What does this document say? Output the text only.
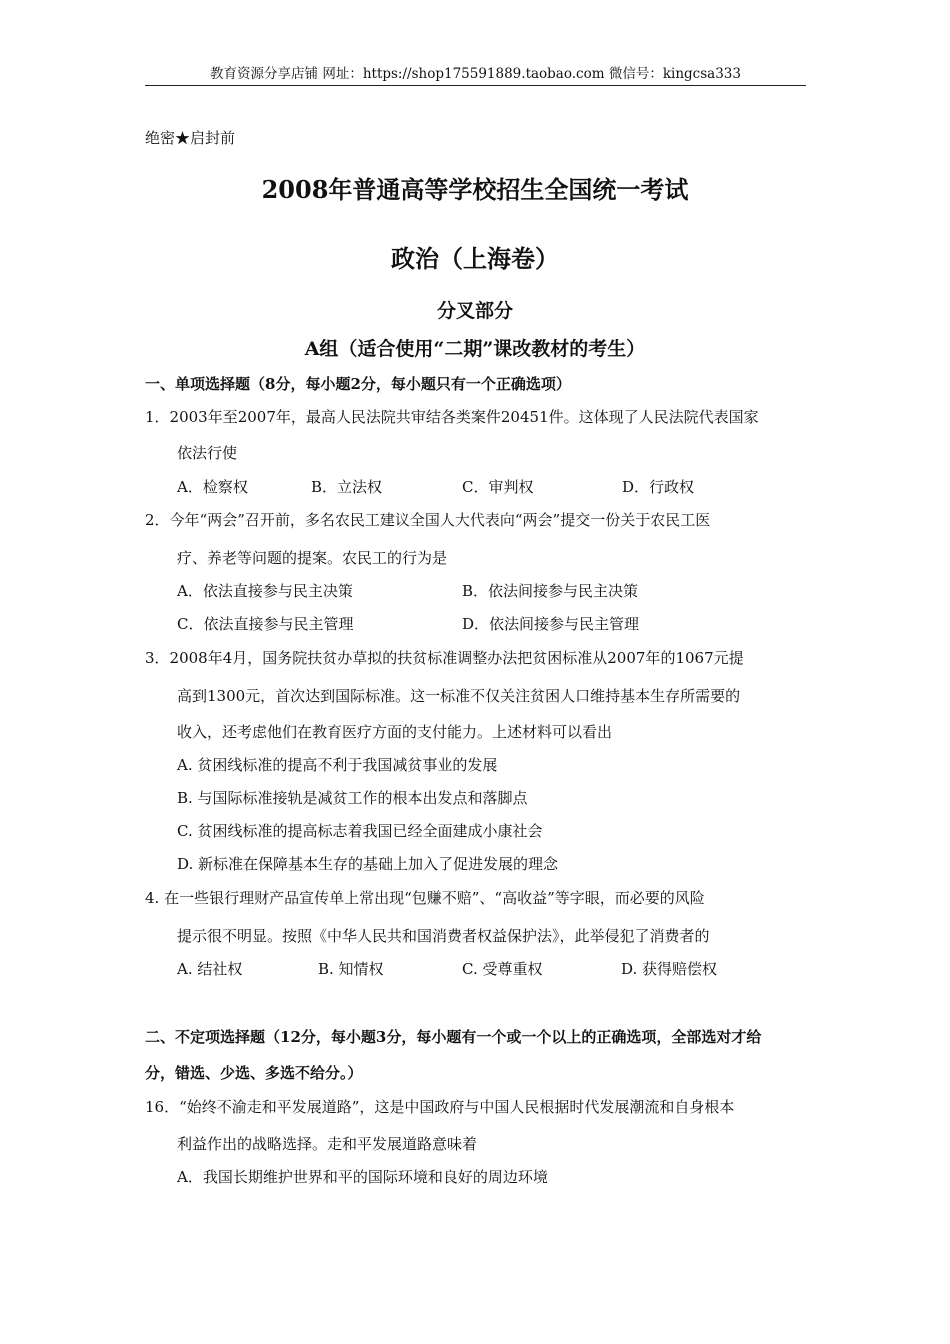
教育资源分享店铺 网址：https://shop175591889.taobao.com 微信号：kingcsa333
绝密★启封前
2008年普通高等学校招生全国统一考试
政治（上海卷）
分叉部分
A组（适合使用“二期”课改教材的考生）
一、单项选择题（8分，每小题2分，每小题只有一个正确选项）
1．2003年至2007年，最高人民法院共审结各类案件20451件。这体现了人民法院代表国家
依法行使
A．检察权	B．立法权	C．审判权	D．行政权
2．今年“两会”召开前，多名农民工建议全国人大代表向“两会”提交一份关于农民工医
疗、养老等问题的提案。农民工的行为是
A．依法直接参与民主决策	B．依法间接参与民主决策
C．依法直接参与民主管理	D．依法间接参与民主管理
3．2008年4月，国务院扶贫办草拟的扶贫标准调整办法把贫困标准从2007年的1067元提
高到1300元，首次达到国际标准。这一标准不仅关注贫困人口维持基本生存所需要的
收入，还考虑他们在教育医疗方面的支付能力。上述材料可以看出
A. 贫困线标准的提高不利于我国减贫事业的发展
B. 与国际标准接轨是减贫工作的根本出发点和落脚点
C. 贫困线标准的提高标志着我国已经全面建成小康社会
D. 新标准在保障基本生存的基础上加入了促进发展的理念
4. 在一些银行理财产品宣传单上常出现“包赚不赔”、“高收益”等字眼，而必要的风险
提示很不明显。按照《中华人民共和国消费者权益保护法》，此举侵犯了消费者的
A. 结社权	B. 知情权	C. 受尊重权	D. 获得赔偿权
二、不定项选择题（12分，每小题3分，每小题有一个或一个以上的正确选项，全部选对才给
分，错选、少选、多选不给分。）
16．“始终不渝走和平发展道路”，这是中国政府与中国人民根据时代发展潮流和自身根本
利益作出的战略选择。走和平发展道路意味着
A．我国长期维护世界和平的国际环境和良好的周边环境
